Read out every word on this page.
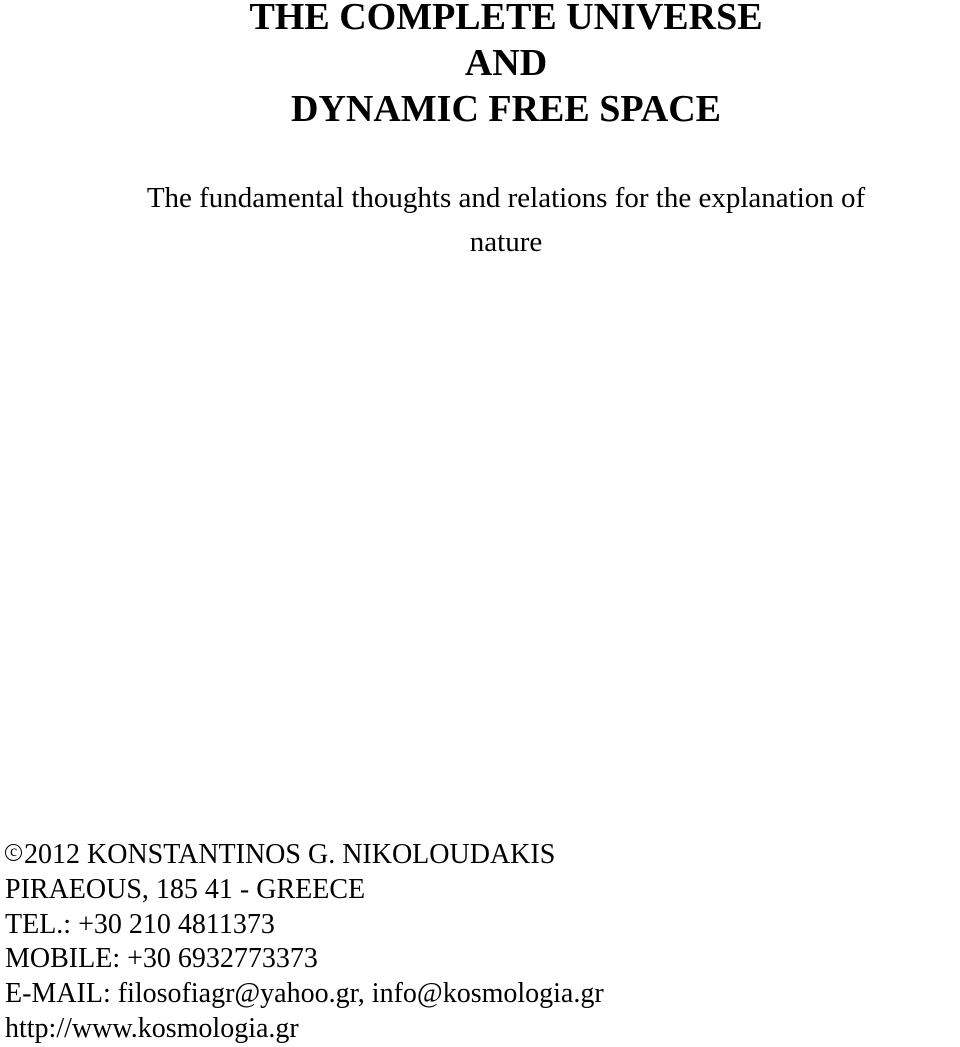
THE COMPLETE UNIVERSE
AND
DYNAMIC FREE SPACE
The fundamental thoughts and relations for the explanation of
nature
c2012 KONSTANTINOS G. NIKOLOUDAKIS
PIRAEOUS, 185 41 - GREECE
TEL.: +30 210 4811373
MOBILE: +30 6932773373
E-MAIL: filosofiagr@yahoo.gr, info@kosmologia.gr
http://www.kosmologia.gr
